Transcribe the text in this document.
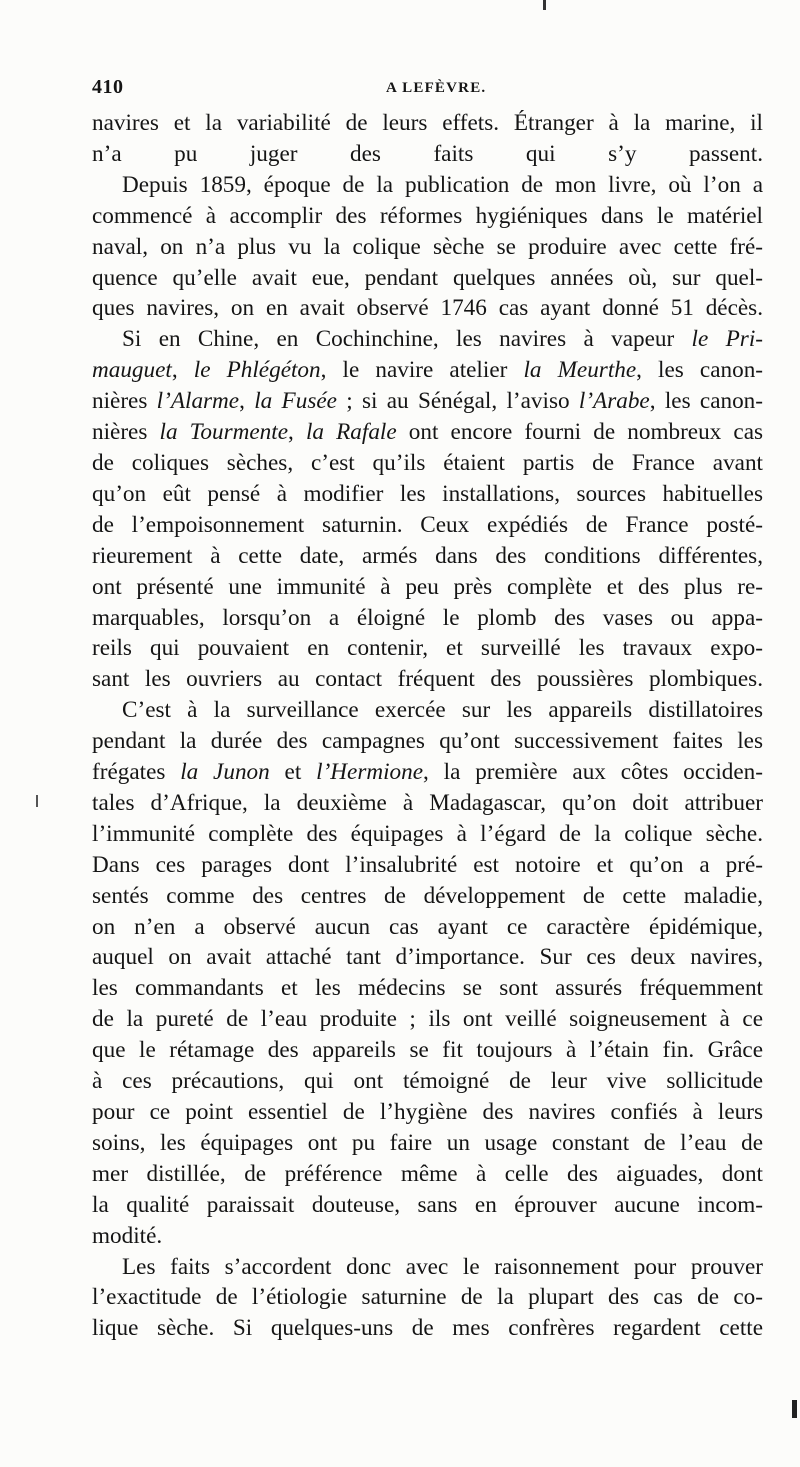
410	A LEFÈVRE.
navires et la variabilité de leurs effets. Étranger à la marine, il
n’a pu juger des faits qui s’y passent.
Depuis 1859, époque de la publication de mon livre, où l’on a
commencé à accomplir des réformes hygiéniques dans le matériel
naval, on n’a plus vu la colique sèche se produire avec cette fré-
quence qu’elle avait eue, pendant quelques années où, sur quel-
ques navires, on en avait observé 1746 cas ayant donné 51 décès.
Si en Chine, en Cochinchine, les navires à vapeur le Pri-
mauguet, le Phlégéton, le navire atelier la Meurthe, les canon-
nières l’Alarme, la Fusée ; si au Sénégal, l’aviso l’Arabe, les canon-
nières la Tourmente, la Rafale ont encore fourni de nombreux cas
de coliques sèches, c’est qu’ils étaient partis de France avant
qu’on eût pensé à modifier les installations, sources habituelles
de l’empoisonnement saturnin. Ceux expédiés de France posté-
rieurement à cette date, armés dans des conditions différentes,
ont présenté une immunité à peu près complète et des plus re-
marquables, lorsqu’on a éloigné le plomb des vases ou appa-
reils qui pouvaient en contenir, et surveillé les travaux expo-
sant les ouvriers au contact fréquent des poussières plombiques.
C’est à la surveillance exercée sur les appareils distillatoires
pendant la durée des campagnes qu’ont successivement faites les
frégates la Junon et l’Hermione, la première aux côtes occiden-
tales d’Afrique, la deuxième à Madagascar, qu’on doit attribuer
l’immunité complète des équipages à l’égard de la colique sèche.
Dans ces parages dont l’insalubrité est notoire et qu’on a pré-
sentés comme des centres de développement de cette maladie,
on n’en a observé aucun cas ayant ce caractère épidémique,
auquel on avait attaché tant d’importance. Sur ces deux navires,
les commandants et les médecins se sont assurés fréquemment
de la pureté de l’eau produite ; ils ont veillé soigneusement à ce
que le rétamage des appareils se fit toujours à l’étain fin. Grâce
à ces précautions, qui ont témoigné de leur vive sollicitude
pour ce point essentiel de l’hygiène des navires confiés à leurs
soins, les équipages ont pu faire un usage constant de l’eau de
mer distillée, de préférence même à celle des aiguades, dont
la qualité paraissait douteuse, sans en éprouver aucune incom-
modité.
Les faits s’accordent donc avec le raisonnement pour prouver
l’exactitude de l’étiologie saturnine de la plupart des cas de co-
lique sèche. Si quelques-uns de mes confrères regardent cette
